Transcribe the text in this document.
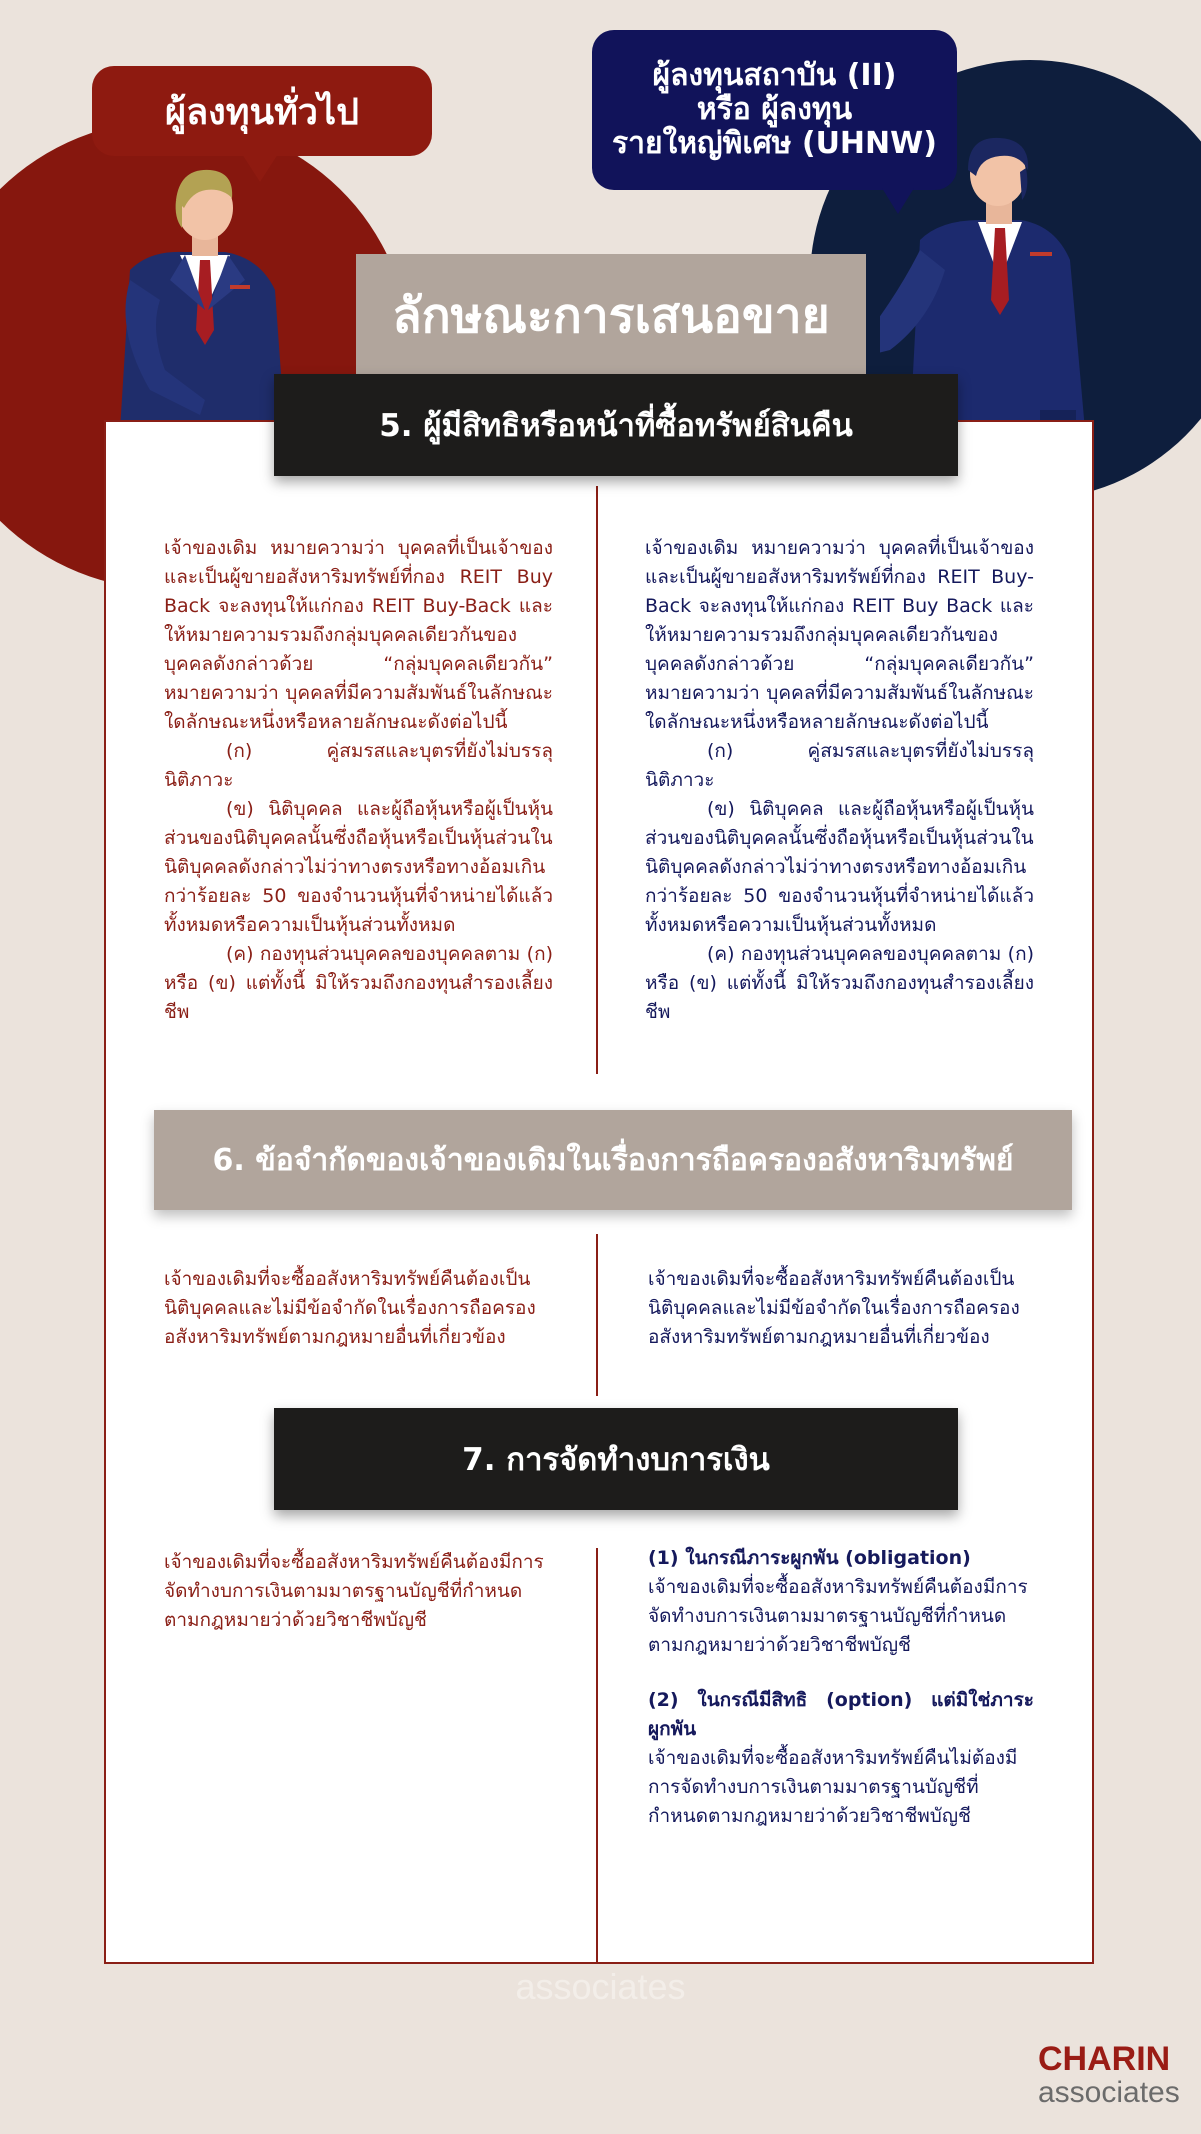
ผู้ลงทุนทั่วไป
ผู้ลงทุนสถาบัน (II)
หรือ ผู้ลงทุน
รายใหญ่พิเศษ (UHNW)
ลักษณะการเสนอขาย
5. ผู้มีสิทธิหรือหน้าที่ซื้อทรัพย์สินคืน

เจ้าของเดิม หมายความว่า บุคคลที่เป็นเจ้าของและเป็นผู้ขายอสังหาริมทรัพย์ที่กอง REIT Buy Back จะลงทุนให้แก่กอง REIT Buy-Back และให้หมายความรวมถึงกลุ่มบุคคลเดียวกันของบุคคลดังกล่าวด้วย “กลุ่มบุคคลเดียวกัน” หมายความว่า บุคคลที่มีความสัมพันธ์ในลักษณะใดลักษณะหนึ่งหรือหลายลักษณะดังต่อไปนี้

(ก) คู่สมรสและบุตรที่ยังไม่บรรลุนิติภาวะ

(ข) นิติบุคคล และผู้ถือหุ้นหรือผู้เป็นหุ้นส่วนของนิติบุคคลนั้นซึ่งถือหุ้นหรือเป็นหุ้นส่วนในนิติบุคคลดังกล่าวไม่ว่าทางตรงหรือทางอ้อมเกินกว่าร้อยละ 50 ของจำนวนหุ้นที่จำหน่ายได้แล้วทั้งหมดหรือความเป็นหุ้นส่วนทั้งหมด

(ค) กองทุนส่วนบุคคลของบุคคลตาม (ก) หรือ (ข) แต่ทั้งนี้ มิให้รวมถึงกองทุนสำรองเลี้ยงชีพ

เจ้าของเดิม หมายความว่า บุคคลที่เป็นเจ้าของและเป็นผู้ขายอสังหาริมทรัพย์ที่กอง REIT Buy-Back จะลงทุนให้แก่กอง REIT Buy Back และให้หมายความรวมถึงกลุ่มบุคคลเดียวกันของบุคคลดังกล่าวด้วย “กลุ่มบุคคลเดียวกัน” หมายความว่า บุคคลที่มีความสัมพันธ์ในลักษณะใดลักษณะหนึ่งหรือหลายลักษณะดังต่อไปนี้

(ก) คู่สมรสและบุตรที่ยังไม่บรรลุนิติภาวะ

(ข) นิติบุคคล และผู้ถือหุ้นหรือผู้เป็นหุ้นส่วนของนิติบุคคลนั้นซึ่งถือหุ้นหรือเป็นหุ้นส่วนในนิติบุคคลดังกล่าวไม่ว่าทางตรงหรือทางอ้อมเกินกว่าร้อยละ 50 ของจำนวนหุ้นที่จำหน่ายได้แล้วทั้งหมดหรือความเป็นหุ้นส่วนทั้งหมด

(ค) กองทุนส่วนบุคคลของบุคคลตาม (ก) หรือ (ข) แต่ทั้งนี้ มิให้รวมถึงกองทุนสำรองเลี้ยงชีพ

6. ข้อจำกัดของเจ้าของเดิมในเรื่องการถือครองอสังหาริมทรัพย์

เจ้าของเดิมที่จะซื้ออสังหาริมทรัพย์คืนต้องเป็นนิติบุคคลและไม่มีข้อจำกัดในเรื่องการถือครองอสังหาริมทรัพย์ตามกฎหมายอื่นที่เกี่ยวข้อง

เจ้าของเดิมที่จะซื้ออสังหาริมทรัพย์คืนต้องเป็นนิติบุคคลและไม่มีข้อจำกัดในเรื่องการถือครองอสังหาริมทรัพย์ตามกฎหมายอื่นที่เกี่ยวข้อง

7. การจัดทำงบการเงิน

เจ้าของเดิมที่จะซื้ออสังหาริมทรัพย์คืนต้องมีการจัดทำงบการเงินตามมาตรฐานบัญชีที่กำหนดตามกฎหมายว่าด้วยวิชาชีพบัญชี

(1) ในกรณีภาระผูกพัน (obligation)

เจ้าของเดิมที่จะซื้ออสังหาริมทรัพย์คืนต้องมีการจัดทำงบการเงินตามมาตรฐานบัญชีที่กำหนดตามกฎหมายว่าด้วยวิชาชีพบัญชี

(2) ในกรณีมีสิทธิ (option) แต่มิใช่ภาระผูกพัน

เจ้าของเดิมที่จะซื้ออสังหาริมทรัพย์คืนไม่ต้องมีการจัดทำงบการเงินตามมาตรฐานบัญชีที่กำหนดตามกฎหมายว่าด้วยวิชาชีพบัญชี

associates
CHARIN
associates
